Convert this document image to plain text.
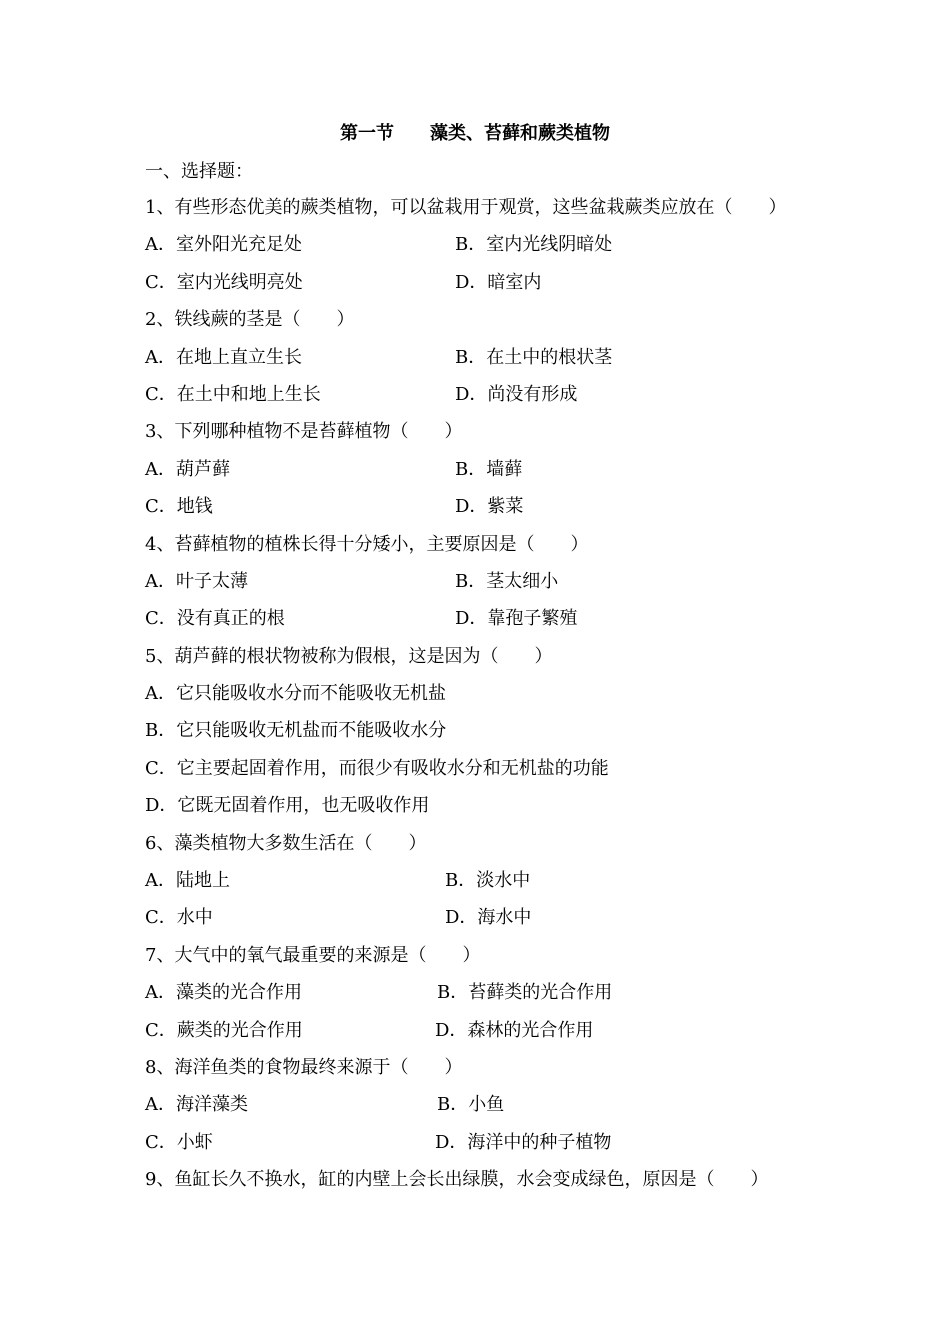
第一节　　藻类、苔藓和蕨类植物
一、选择题：
1、有些形态优美的蕨类植物，可以盆栽用于观赏，这些盆栽蕨类应放在（　　）
A．室外阳光充足处	B．室内光线阴暗处
C．室内光线明亮处	D．暗室内
2、铁线蕨的茎是（　　）
A．在地上直立生长	B．在土中的根状茎
C．在土中和地上生长	D．尚没有形成
3、下列哪种植物不是苔藓植物（　　）
A．葫芦藓	B．墙藓
C．地钱	D．紫菜
4、苔藓植物的植株长得十分矮小，主要原因是（　　）
A．叶子太薄	B．茎太细小
C．没有真正的根	D．靠孢子繁殖
5、葫芦藓的根状物被称为假根，这是因为（　　）
A．它只能吸收水分而不能吸收无机盐
B．它只能吸收无机盐而不能吸收水分
C．它主要起固着作用，而很少有吸收水分和无机盐的功能
D．它既无固着作用，也无吸收作用
6、藻类植物大多数生活在（　　）
A．陆地上	B．淡水中
C．水中	D．海水中
7、大气中的氧气最重要的来源是（　　）
A．藻类的光合作用	B．苔藓类的光合作用
C．蕨类的光合作用	D．森林的光合作用
8、海洋鱼类的食物最终来源于（　　）
A．海洋藻类	B．小鱼
C．小虾	D．海洋中的种子植物
9、鱼缸长久不换水，缸的内壁上会长出绿膜，水会变成绿色，原因是（　　）
